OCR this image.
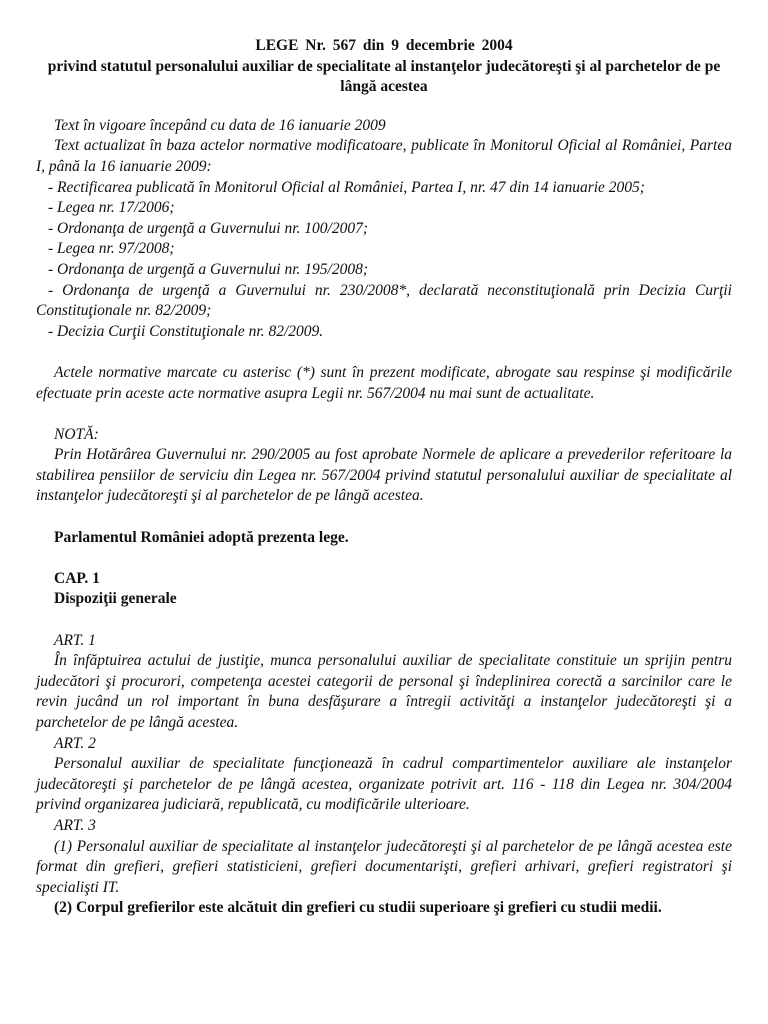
LEGE Nr. 567 din 9 decembrie 2004
privind statutul personalului auxiliar de specialitate al instanţelor judecătoreşti şi al parchetelor de pe lângă acestea
Text în vigoare începând cu data de 16 ianuarie 2009
Text actualizat în baza actelor normative modificatoare, publicate în Monitorul Oficial al României, Partea I, până la 16 ianuarie 2009:
- Rectificarea publicată în Monitorul Oficial al României, Partea I, nr. 47 din 14 ianuarie 2005;
- Legea nr. 17/2006;
- Ordonanţa de urgenţă a Guvernului nr. 100/2007;
- Legea nr. 97/2008;
- Ordonanţa de urgenţă a Guvernului nr. 195/2008;
- Ordonanţa de urgenţă a Guvernului nr. 230/2008*, declarată neconstituţională prin Decizia Curţii Constituţionale nr. 82/2009;
- Decizia Curţii Constituţionale nr. 82/2009.
Actele normative marcate cu asterisc (*) sunt în prezent modificate, abrogate sau respinse şi modificările efectuate prin aceste acte normative asupra Legii nr. 567/2004 nu mai sunt de actualitate.
NOTĂ:
Prin Hotărârea Guvernului nr. 290/2005 au fost aprobate Normele de aplicare a prevederilor referitoare la stabilirea pensiilor de serviciu din Legea nr. 567/2004 privind statutul personalului auxiliar de specialitate al instanţelor judecătoreşti şi al parchetelor de pe lângă acestea.
Parlamentul României adoptă prezenta lege.
CAP. 1
Dispoziţii generale
ART. 1
În înfăptuirea actului de justiţie, munca personalului auxiliar de specialitate constituie un sprijin pentru judecători şi procurori, competenţa acestei categorii de personal şi îndeplinirea corectă a sarcinilor care le revin jucând un rol important în buna desfăşurare a întregii activităţi a instanţelor judecătoreşti şi a parchetelor de pe lângă acestea.
ART. 2
Personalul auxiliar de specialitate funcţionează în cadrul compartimentelor auxiliare ale instanţelor judecătoreşti şi parchetelor de pe lângă acestea, organizate potrivit art. 116 - 118 din Legea nr. 304/2004 privind organizarea judiciară, republicată, cu modificările ulterioare.
ART. 3
(1) Personalul auxiliar de specialitate al instanţelor judecătoreşti şi al parchetelor de pe lângă acestea este format din grefieri, grefieri statisticieni, grefieri documentarişti, grefieri arhivari, grefieri registratori şi specialişti IT.
(2) Corpul grefierilor este alcătuit din grefieri cu studii superioare şi grefieri cu studii medii.
